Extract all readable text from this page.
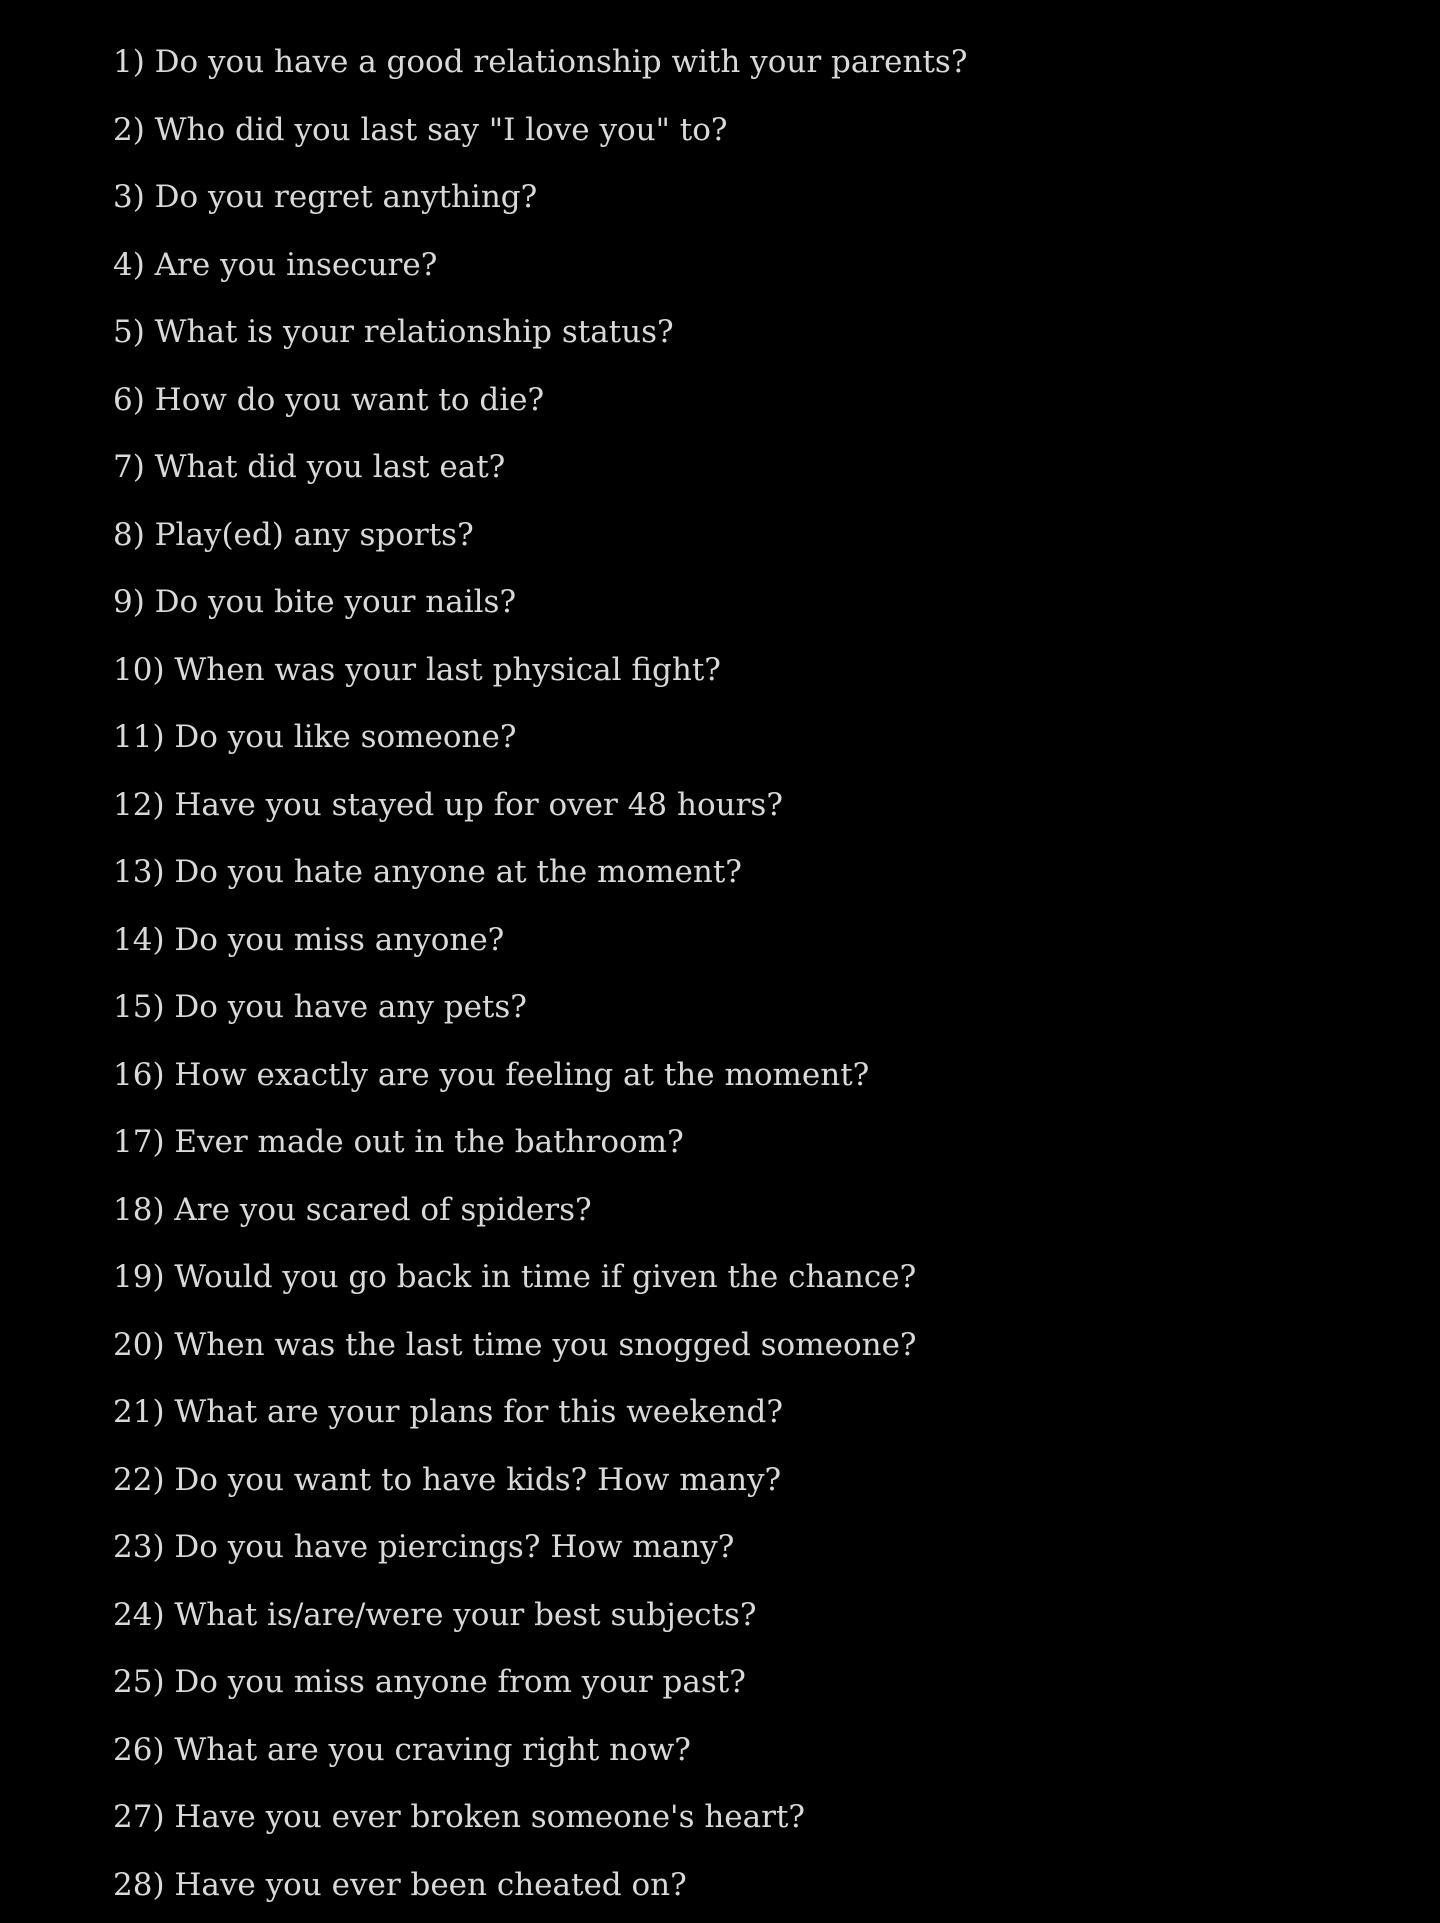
1) Do you have a good relationship with your parents?
2) Who did you last say "I love you" to?
3) Do you regret anything?
4) Are you insecure?
5) What is your relationship status?
6) How do you want to die?
7) What did you last eat?
8) Play(ed) any sports?
9) Do you bite your nails?
10) When was your last physical fight?
11) Do you like someone?
12) Have you stayed up for over 48 hours?
13) Do you hate anyone at the moment?
14) Do you miss anyone?
15) Do you have any pets?
16) How exactly are you feeling at the moment?
17) Ever made out in the bathroom?
18) Are you scared of spiders?
19) Would you go back in time if given the chance?
20) When was the last time you snogged someone?
21) What are your plans for this weekend?
22) Do you want to have kids? How many?
23) Do you have piercings? How many?
24) What is/are/were your best subjects?
25) Do you miss anyone from your past?
26) What are you craving right now?
27) Have you ever broken someone's heart?
28) Have you ever been cheated on?
